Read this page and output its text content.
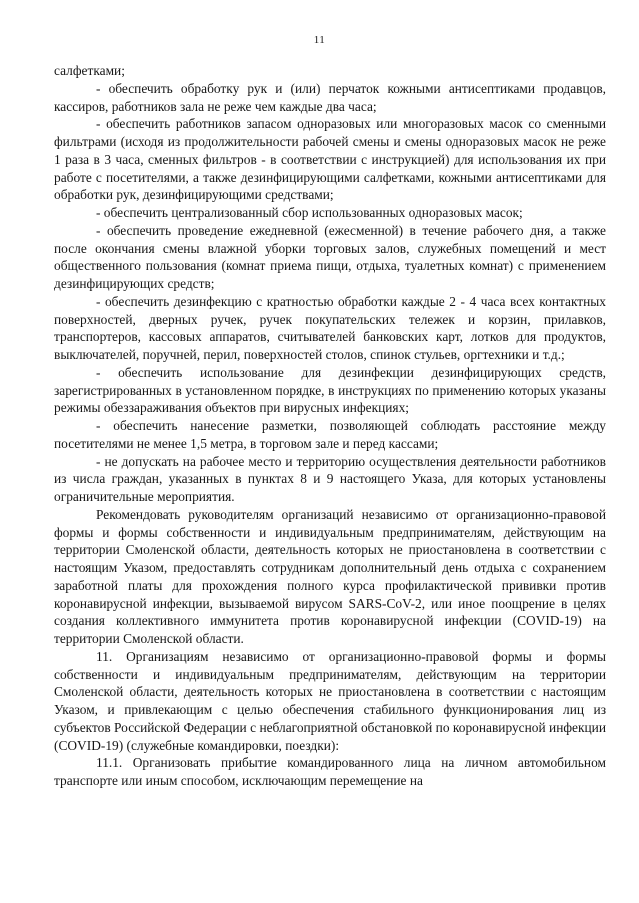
11

салфетками;

- обеспечить обработку рук и (или) перчаток кожными антисептиками продавцов, кассиров, работников зала не реже чем каждые два часа;

- обеспечить работников запасом одноразовых или многоразовых масок со сменными фильтрами (исходя из продолжительности рабочей смены и смены одноразовых масок не реже 1 раза в 3 часа, сменных фильтров - в соответствии с инструкцией) для использования их при работе с посетителями, а также дезинфицирующими салфетками, кожными антисептиками для обработки рук, дезинфицирующими средствами;

- обеспечить централизованный сбор использованных одноразовых масок;

- обеспечить проведение ежедневной (ежесменной) в течение рабочего дня, а также после окончания смены влажной уборки торговых залов, служебных помещений и мест общественного пользования (комнат приема пищи, отдыха, туалетных комнат) с применением дезинфицирующих средств;

- обеспечить дезинфекцию с кратностью обработки каждые 2 - 4 часа всех контактных поверхностей, дверных ручек, ручек покупательских тележек и корзин, прилавков, транспортеров, кассовых аппаратов, считывателей банковских карт, лотков для продуктов, выключателей, поручней, перил, поверхностей столов, спинок стульев, оргтехники и т.д.;

- обеспечить использование для дезинфекции дезинфицирующих средств, зарегистрированных в установленном порядке, в инструкциях по применению которых указаны режимы обеззараживания объектов при вирусных инфекциях;

- обеспечить нанесение разметки, позволяющей соблюдать расстояние между посетителями не менее 1,5 метра, в торговом зале и перед кассами;

- не допускать на рабочее место и территорию осуществления деятельности работников из числа граждан, указанных в пунктах 8 и 9 настоящего Указа, для которых установлены ограничительные мероприятия.

Рекомендовать руководителям организаций независимо от организационно-правовой формы и формы собственности и индивидуальным предпринимателям, действующим на территории Смоленской области, деятельность которых не приостановлена в соответствии с настоящим Указом, предоставлять сотрудникам дополнительный день отдыха с сохранением заработной платы для прохождения полного курса профилактической прививки против коронавирусной инфекции, вызываемой вирусом SARS-CoV-2, или иное поощрение в целях создания коллективного иммунитета против коронавирусной инфекции (COVID-19) на территории Смоленской области.

11. Организациям независимо от организационно-правовой формы и формы собственности и индивидуальным предпринимателям, действующим на территории Смоленской области, деятельность которых не приостановлена в соответствии с настоящим Указом, и привлекающим с целью обеспечения стабильного функционирования лиц из субъектов Российской Федерации с неблагоприятной обстановкой по коронавирусной инфекции (COVID-19) (служебные командировки, поездки):

11.1. Организовать прибытие командированного лица на личном автомобильном транспорте или иным способом, исключающим перемещение на
